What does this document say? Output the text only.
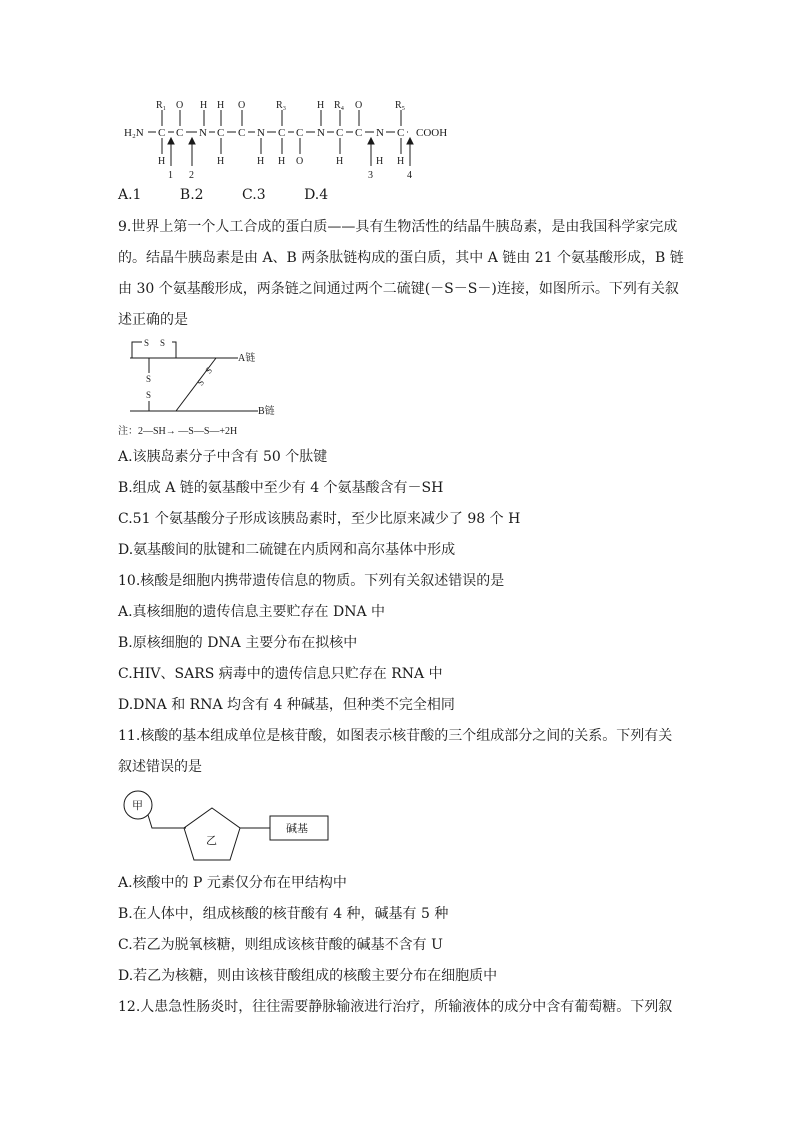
H₂N	COOH
C C N C C N C C N C C N C
R₁ O H H O	R₃	H R₄ O	R₅
H	H	H H O	H	H H
1 2	3	4
A.1	B.2	C.3	D.4
9.世界上第一个人工合成的蛋白质——具有生物活性的结晶牛胰岛素，是由我国科学家完成
的。结晶牛胰岛素是由 A、B 两条肽链构成的蛋白质，其中 A 链由 21 个氨基酸形成，B 链
由 30 个氨基酸形成，两条链之间通过两个二硫键(－S－S－)连接，如图所示。下列有关叙
述正确的是
S S
S
S
S
S
A链
B链
注：2—SH→ —S—S—+2H
A.该胰岛素分子中含有 50 个肽键
B.组成 A 链的氨基酸中至少有 4 个氨基酸含有－SH
C.51 个氨基酸分子形成该胰岛素时，至少比原来减少了 98 个 H
D.氨基酸间的肽键和二硫键在内质网和高尔基体中形成
10.核酸是细胞内携带遗传信息的物质。下列有关叙述错误的是
A.真核细胞的遗传信息主要贮存在 DNA 中
B.原核细胞的 DNA 主要分布在拟核中
C.HIV、SARS 病毒中的遗传信息只贮存在 RNA 中
D.DNA 和 RNA 均含有 4 种碱基，但种类不完全相同
11.核酸的基本组成单位是核苷酸，如图表示核苷酸的三个组成部分之间的关系。下列有关
叙述错误的是
甲
乙
碱基
A.核酸中的 P 元素仅分布在甲结构中
B.在人体中，组成核酸的核苷酸有 4 种，碱基有 5 种
C.若乙为脱氧核糖，则组成该核苷酸的碱基不含有 U
D.若乙为核糖，则由该核苷酸组成的核酸主要分布在细胞质中
12.人患急性肠炎时，往往需要静脉输液进行治疗，所输液体的成分中含有葡萄糖。下列叙
